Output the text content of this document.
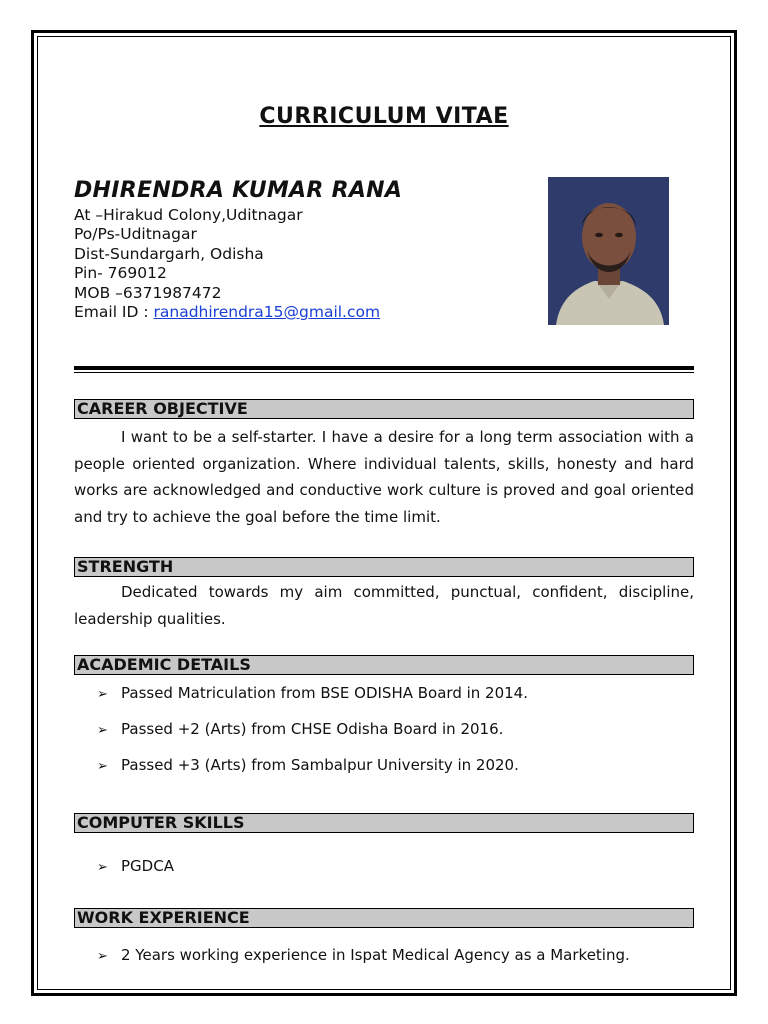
CURRICULUM VITAE
DHIRENDRA KUMAR RANA
At –Hirakud Colony,Uditnagar
Po/Ps-Uditnagar
Dist-Sundargarh, Odisha
Pin- 769012
MOB –6371987472
Email ID : ranadhirendra15@gmail.com
CAREER OBJECTIVE
I want to be a self-starter. I have a desire for a long term association with a people oriented organization. Where individual talents, skills, honesty and hard works are acknowledged and conductive work culture is proved and goal oriented and try to achieve the goal before the time limit.
STRENGTH
Dedicated towards my aim committed, punctual, confident, discipline, leadership qualities.
ACADEMIC DETAILS
➢ Passed Matriculation from BSE ODISHA Board in 2014.
➢ Passed +2 (Arts) from CHSE Odisha Board in 2016.
➢ Passed +3 (Arts) from Sambalpur University in 2020.
COMPUTER SKILLS
➢ PGDCA
WORK EXPERIENCE
➢ 2 Years working experience in Ispat Medical Agency as a Marketing.
